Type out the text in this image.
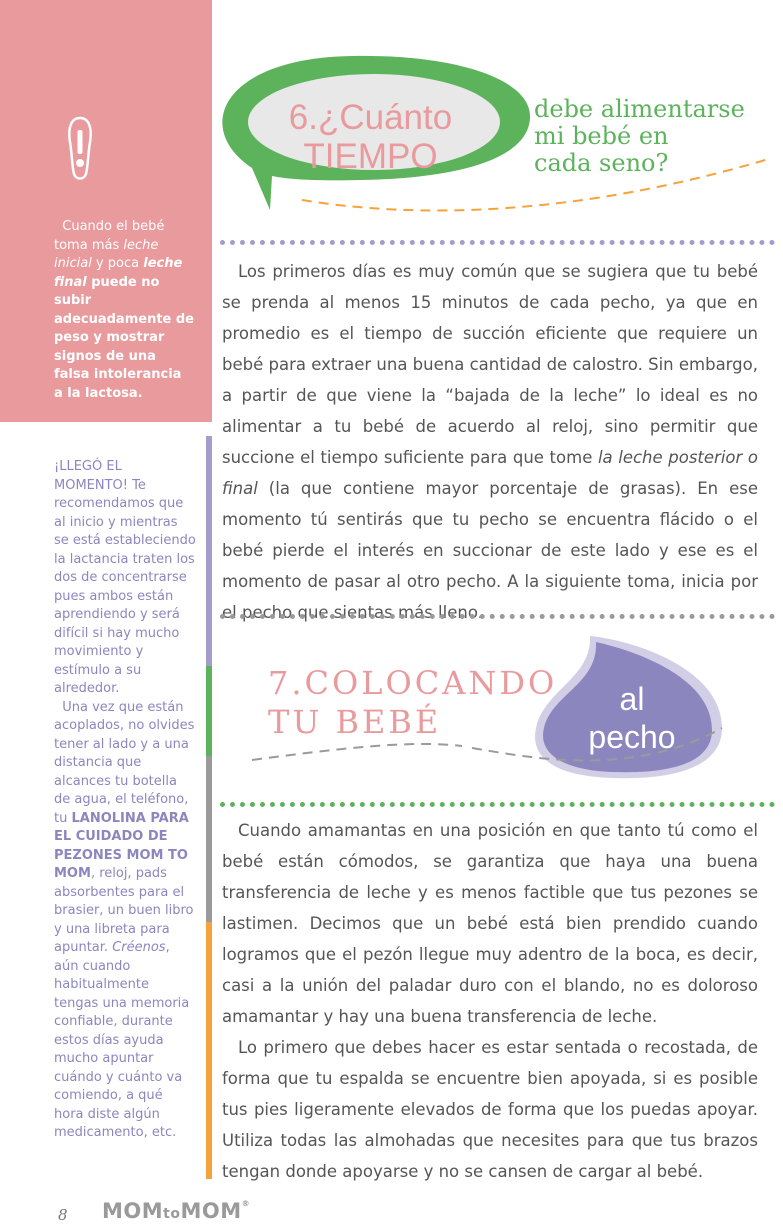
Cuando el bebé toma más leche inicial y poca leche final puede no subir adecuadamente de peso y mostrar signos de una falsa intolerancia a la lactosa.

¡LLEGÓ EL MOMENTO! Te recomendamos que al inicio y mientras se está estableciendo la lactancia traten los dos de concentrarse pues ambos están aprendiendo y será difícil si hay mucho movimiento y estímulo a su alrededor.

Una vez que están acoplados, no olvides tener al lado y a una distancia que alcances tu botella de agua, el teléfono, tu LANOLINA PARA EL CUIDADO DE PEZONES MOM TO MOM, reloj, pads absorbentes para el brasier, un buen libro y una libreta para apuntar. Créenos, aún cuando habitualmente tengas una memoria confiable, durante estos días ayuda mucho apuntar cuándo y cuánto va comiendo, a qué hora diste algún medicamento, etc.

6.¿Cuánto
TIEMPO
debe alimentarse
mi bebé en
cada seno?

Los primeros días es muy común que se sugiera que tu bebé se prenda al menos 15 minutos de cada pecho, ya que en promedio es el tiempo de succión eficiente que requiere un bebé para extraer una buena cantidad de calostro. Sin embargo, a partir de que viene la “bajada de la leche” lo ideal es no alimentar a tu bebé de acuerdo al reloj, sino permitir que succione el tiempo suficiente para que tome la leche posterior o final (la que contiene mayor porcentaje de grasas). En ese momento tú sentirás que tu pecho se encuentra flácido o el bebé pierde el interés en succionar de este lado y ese es el momento de pasar al otro pecho. A la siguiente toma, inicia por el pecho que sientas más lleno.

7.COLOCANDO
TU BEBÉ
al
pecho

Cuando amamantas en una posición en que tanto tú como el bebé están cómodos, se garantiza que haya una buena transferencia de leche y es menos factible que tus pezones se lastimen. Decimos que un bebé está bien prendido cuando logramos que el pezón llegue muy adentro de la boca, es decir, casi a la unión del paladar duro con el blando, no es doloroso amamantar y hay una buena transferencia de leche.

Lo primero que debes hacer es estar sentada o recostada, de forma que tu espalda se encuentre bien apoyada, si es posible tus pies ligeramente elevados de forma que los puedas apoyar. Utiliza todas las almohadas que necesites para que tus brazos tengan donde apoyarse y no se cansen de cargar al bebé.

8 MOMtoMOM®
